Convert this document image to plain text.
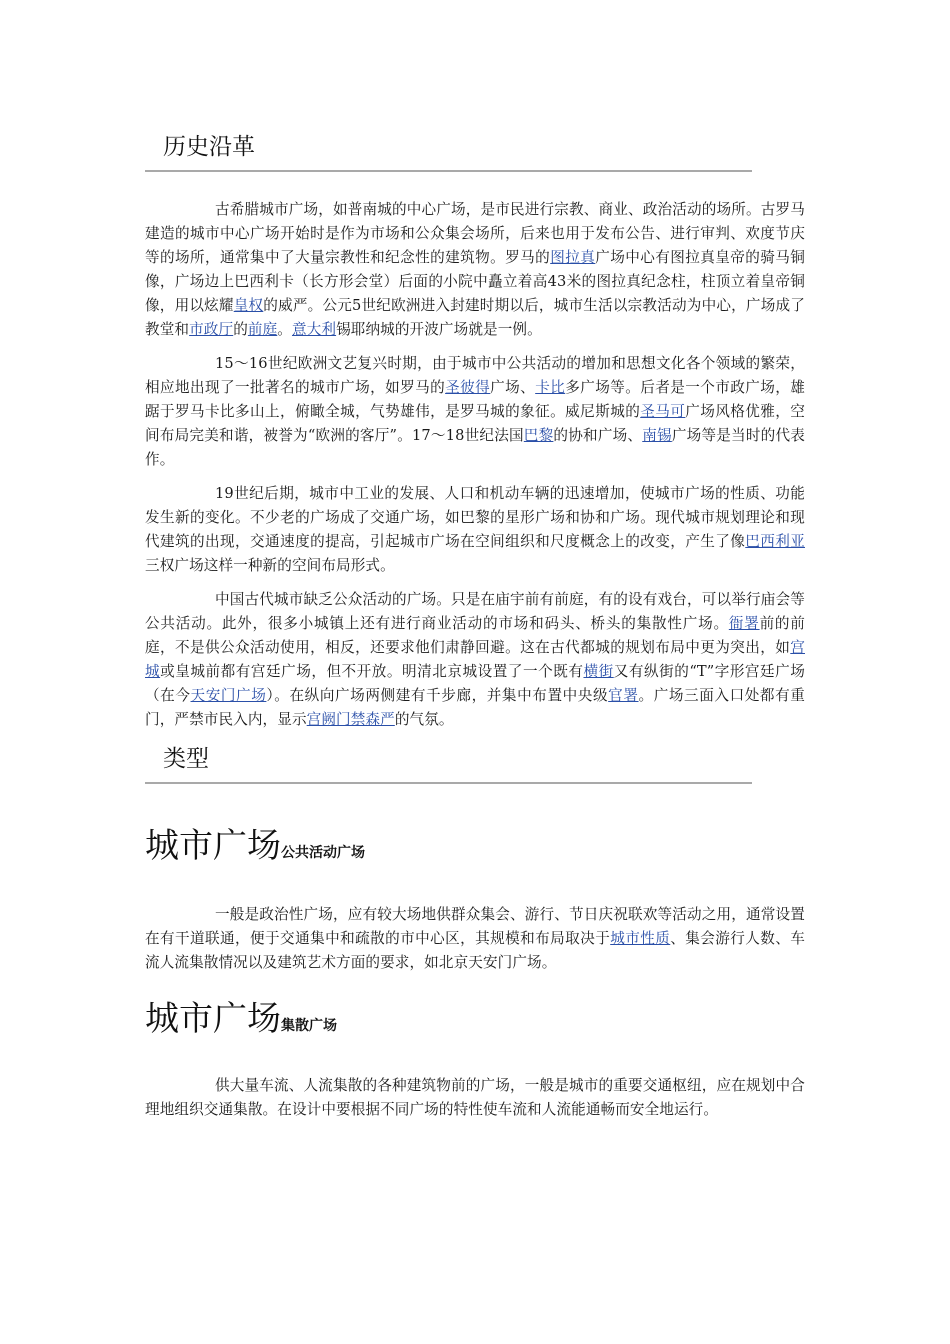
历史沿革

古希腊城市广场，如普南城的中心广场，是市民进行宗教、商业、政治活动的场所。古罗马建造的城市中心广场开始时是作为市场和公众集会场所，后来也用于发布公告、进行审判、欢度节庆等的场所，通常集中了大量宗教性和纪念性的建筑物。罗马的图拉真广场中心有图拉真皇帝的骑马铜像，广场边上巴西利卡（长方形会堂）后面的小院中矗立着高43米的图拉真纪念柱，柱顶立着皇帝铜像，用以炫耀皇权的威严。公元5世纪欧洲进入封建时期以后，城市生活以宗教活动为中心，广场成了教堂和市政厅的前庭。意大利锡耶纳城的开波广场就是一例。

15～16世纪欧洲文艺复兴时期，由于城市中公共活动的增加和思想文化各个领域的繁荣，相应地出现了一批著名的城市广场，如罗马的圣彼得广场、卡比多广场等。后者是一个市政广场，雄踞于罗马卡比多山上，俯瞰全城，气势雄伟，是罗马城的象征。威尼斯城的圣马可广场风格优雅，空间布局完美和谐，被誉为“欧洲的客厅”。17～18世纪法国巴黎的协和广场、南锡广场等是当时的代表作。

19世纪后期，城市中工业的发展、人口和机动车辆的迅速增加，使城市广场的性质、功能发生新的变化。不少老的广场成了交通广场，如巴黎的星形广场和协和广场。现代城市规划理论和现代建筑的出现，交通速度的提高，引起城市广场在空间组织和尺度概念上的改变，产生了像巴西利亚三权广场这样一种新的空间布局形式。

中国古代城市缺乏公众活动的广场。只是在庙宇前有前庭，有的设有戏台，可以举行庙会等公共活动。此外，很多小城镇上还有进行商业活动的市场和码头、桥头的集散性广场。衙署前的前庭，不是供公众活动使用，相反，还要求他们肃静回避。这在古代都城的规划布局中更为突出，如宫城或皇城前都有宫廷广场，但不开放。明清北京城设置了一个既有横街又有纵街的“T”字形宫廷广场（在今天安门广场）。在纵向广场两侧建有千步廊，并集中布置中央级官署。广场三面入口处都有重门，严禁市民入内，显示宫阙门禁森严的气氛。

类型
城市广场公共活动广场

一般是政治性广场，应有较大场地供群众集会、游行、节日庆祝联欢等活动之用，通常设置在有干道联通，便于交通集中和疏散的市中心区，其规模和布局取决于城市性质、集会游行人数、车流人流集散情况以及建筑艺术方面的要求，如北京天安门广场。

城市广场集散广场

供大量车流、人流集散的各种建筑物前的广场，一般是城市的重要交通枢纽，应在规划中合理地组织交通集散。在设计中要根据不同广场的特性使车流和人流能通畅而安全地运行。
